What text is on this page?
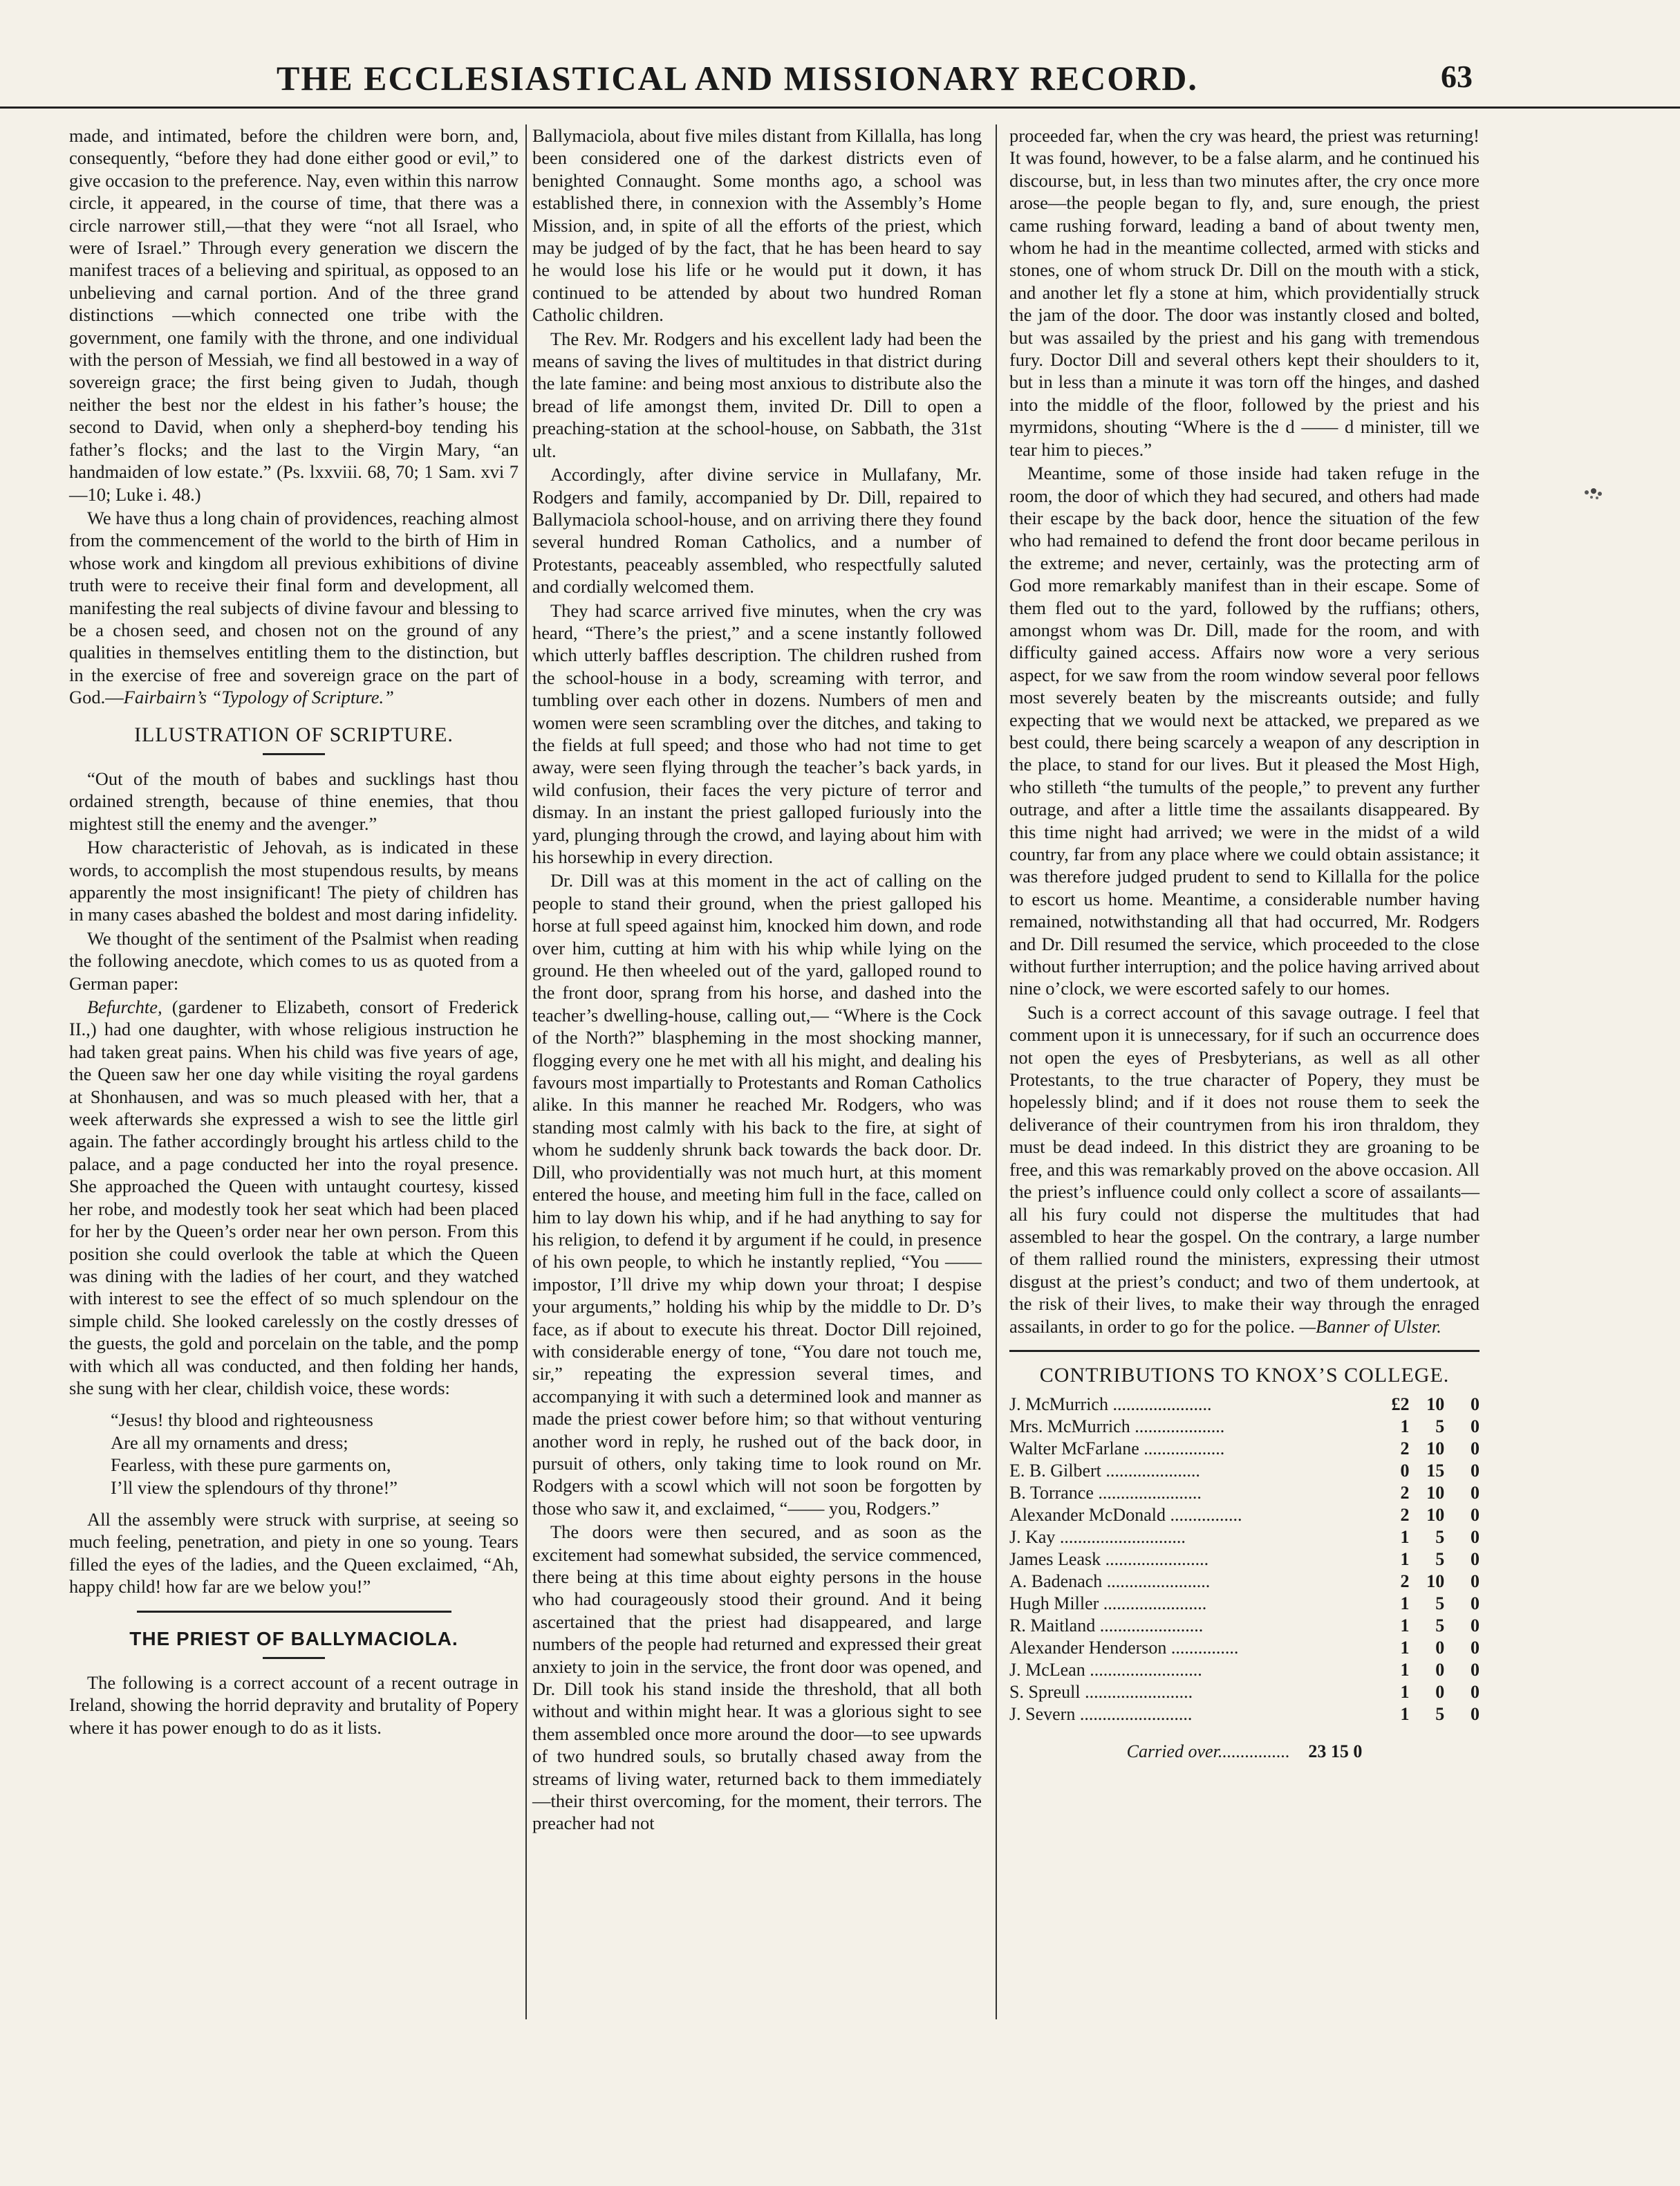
THE ECCLESIASTICAL AND MISSIONARY RECORD.	63

made, and intimated, before the children were born, and, consequently, “before they had done either good or evil,” to give occasion to the preference. Nay, even within this narrow circle, it appeared, in the course of time, that there was a circle narrower still,—that they were “not all Israel, who were of Israel.” Through every generation we discern the manifest traces of a believing and spiritual, as opposed to an unbelieving and carnal portion. And of the three grand distinctions —which connected one tribe with the government, one family with the throne, and one individual with the person of Messiah, we find all bestowed in a way of sovereign grace; the first being given to Judah, though neither the best nor the eldest in his father’s house; the second to David, when only a shepherd-boy tending his father’s flocks; and the last to the Virgin Mary, “an handmaiden of low estate.” (Ps. lxxviii. 68, 70; 1 Sam. xvi 7—10; Luke i. 48.)

We have thus a long chain of providences, reaching almost from the commencement of the world to the birth of Him in whose work and kingdom all previous exhibitions of divine truth were to receive their final form and development, all manifesting the real subjects of divine favour and blessing to be a chosen seed, and chosen not on the ground of any qualities in themselves entitling them to the distinction, but in the exercise of free and sovereign grace on the part of God.—Fairbairn’s “Typology of Scripture.”

ILLUSTRATION OF SCRIPTURE.

“Out of the mouth of babes and sucklings hast thou ordained strength, because of thine enemies, that thou mightest still the enemy and the avenger.”

How characteristic of Jehovah, as is indicated in these words, to accomplish the most stupendous results, by means apparently the most insignificant! The piety of children has in many cases abashed the boldest and most daring infidelity.

We thought of the sentiment of the Psalmist when reading the following anecdote, which comes to us as quoted from a German paper:

Befurchte, (gardener to Elizabeth, consort of Frederick II.,) had one daughter, with whose religious instruction he had taken great pains. When his child was five years of age, the Queen saw her one day while visiting the royal gardens at Shonhausen, and was so much pleased with her, that a week afterwards she expressed a wish to see the little girl again. The father accordingly brought his artless child to the palace, and a page conducted her into the royal presence. She approached the Queen with untaught courtesy, kissed her robe, and modestly took her seat which had been placed for her by the Queen’s order near her own person. From this position she could overlook the table at which the Queen was dining with the ladies of her court, and they watched with interest to see the effect of so much splendour on the simple child. She looked carelessly on the costly dresses of the guests, the gold and porcelain on the table, and the pomp with which all was conducted, and then folding her hands, she sung with her clear, childish voice, these words:

“Jesus! thy blood and righteousness
Are all my ornaments and dress;
Fearless, with these pure garments on,
I’ll view the splendours of thy throne!”

All the assembly were struck with surprise, at seeing so much feeling, penetration, and piety in one so young. Tears filled the eyes of the ladies, and the Queen exclaimed, “Ah, happy child! how far are we below you!”

THE PRIEST OF BALLYMACIOLA.

The following is a correct account of a recent outrage in Ireland, showing the horrid depravity and brutality of Popery where it has power enough to do as it lists.

Ballymaciola, about five miles distant from Killalla, has long been considered one of the darkest districts even of benighted Connaught. Some months ago, a school was established there, in connexion with the Assembly’s Home Mission, and, in spite of all the efforts of the priest, which may be judged of by the fact, that he has been heard to say he would lose his life or he would put it down, it has continued to be attended by about two hundred Roman Catholic children.

The Rev. Mr. Rodgers and his excellent lady had been the means of saving the lives of multitudes in that district during the late famine: and being most anxious to distribute also the bread of life amongst them, invited Dr. Dill to open a preaching-station at the school-house, on Sabbath, the 31st ult.

Accordingly, after divine service in Mullafany, Mr. Rodgers and family, accompanied by Dr. Dill, repaired to Ballymaciola school-house, and on arriving there they found several hundred Roman Catholics, and a number of Protestants, peaceably assembled, who respectfully saluted and cordially welcomed them.

They had scarce arrived five minutes, when the cry was heard, “There’s the priest,” and a scene instantly followed which utterly baffles description. The children rushed from the school-house in a body, screaming with terror, and tumbling over each other in dozens. Numbers of men and women were seen scrambling over the ditches, and taking to the fields at full speed; and those who had not time to get away, were seen flying through the teacher’s back yards, in wild confusion, their faces the very picture of terror and dismay. In an instant the priest galloped furiously into the yard, plunging through the crowd, and laying about him with his horsewhip in every direction.

Dr. Dill was at this moment in the act of calling on the people to stand their ground, when the priest galloped his horse at full speed against him, knocked him down, and rode over him, cutting at him with his whip while lying on the ground. He then wheeled out of the yard, galloped round to the front door, sprang from his horse, and dashed into the teacher’s dwelling-house, calling out,— “Where is the Cock of the North?” blaspheming in the most shocking manner, flogging every one he met with all his might, and dealing his favours most impartially to Protestants and Roman Catholics alike. In this manner he reached Mr. Rodgers, who was standing most calmly with his back to the fire, at sight of whom he suddenly shrunk back towards the back door. Dr. Dill, who providentially was not much hurt, at this moment entered the house, and meeting him full in the face, called on him to lay down his whip, and if he had anything to say for his religion, to defend it by argument if he could, in presence of his own people, to which he instantly replied, “You —— impostor, I’ll drive my whip down your throat; I despise your arguments,” holding his whip by the middle to Dr. D’s face, as if about to execute his threat. Doctor Dill rejoined, with considerable energy of tone, “You dare not touch me, sir,” repeating the expression several times, and accompanying it with such a determined look and manner as made the priest cower before him; so that without venturing another word in reply, he rushed out of the back door, in pursuit of others, only taking time to look round on Mr. Rodgers with a scowl which will not soon be forgotten by those who saw it, and exclaimed, “—— you, Rodgers.”

The doors were then secured, and as soon as the excitement had somewhat subsided, the service commenced, there being at this time about eighty persons in the house who had courageously stood their ground. And it being ascertained that the priest had disappeared, and large numbers of the people had returned and expressed their great anxiety to join in the service, the front door was opened, and Dr. Dill took his stand inside the threshold, that all both without and within might hear. It was a glorious sight to see them assembled once more around the door—to see upwards of two hundred souls, so brutally chased away from the streams of living water, returned back to them immediately—their thirst overcoming, for the moment, their terrors. The preacher had not

proceeded far, when the cry was heard, the priest was returning! It was found, however, to be a false alarm, and he continued his discourse, but, in less than two minutes after, the cry once more arose—the people began to fly, and, sure enough, the priest came rushing forward, leading a band of about twenty men, whom he had in the meantime collected, armed with sticks and stones, one of whom struck Dr. Dill on the mouth with a stick, and another let fly a stone at him, which providentially struck the jam of the door. The door was instantly closed and bolted, but was assailed by the priest and his gang with tremendous fury. Doctor Dill and several others kept their shoulders to it, but in less than a minute it was torn off the hinges, and dashed into the middle of the floor, followed by the priest and his myrmidons, shouting “Where is the d —— d minister, till we tear him to pieces.”

Meantime, some of those inside had taken refuge in the room, the door of which they had secured, and others had made their escape by the back door, hence the situation of the few who had remained to defend the front door became perilous in the extreme; and never, certainly, was the protecting arm of God more remarkably manifest than in their escape. Some of them fled out to the yard, followed by the ruffians; others, amongst whom was Dr. Dill, made for the room, and with difficulty gained access. Affairs now wore a very serious aspect, for we saw from the room window several poor fellows most severely beaten by the miscreants outside; and fully expecting that we would next be attacked, we prepared as we best could, there being scarcely a weapon of any description in the place, to stand for our lives. But it pleased the Most High, who stilleth “the tumults of the people,” to prevent any further outrage, and after a little time the assailants disappeared. By this time night had arrived; we were in the midst of a wild country, far from any place where we could obtain assistance; it was therefore judged prudent to send to Killalla for the police to escort us home. Meantime, a considerable number having remained, notwithstanding all that had occurred, Mr. Rodgers and Dr. Dill resumed the service, which proceeded to the close without further interruption; and the police having arrived about nine o’clock, we were escorted safely to our homes.

Such is a correct account of this savage outrage. I feel that comment upon it is unnecessary, for if such an occurrence does not open the eyes of Presbyterians, as well as all other Protestants, to the true character of Popery, they must be hopelessly blind; and if it does not rouse them to seek the deliverance of their countrymen from his iron thraldom, they must be dead indeed. In this district they are groaning to be free, and this was remarkably proved on the above occasion. All the priest’s influence could only collect a score of assailants—all his fury could not disperse the multitudes that had assembled to hear the gospel. On the contrary, a large number of them rallied round the ministers, expressing their utmost disgust at the priest’s conduct; and two of them undertook, at the risk of their lives, to make their way through the enraged assailants, in order to go for the police. —Banner of Ulster.

CONTRIBUTIONS TO KNOX’S COLLEGE.
J. McMurrich ......................	£2	10	0
Mrs. McMurrich ....................	1	5	0
Walter McFarlane ..................	2	10	0
E. B. Gilbert .....................	0	15	0
B. Torrance .......................	2	10	0
Alexander McDonald ................	2	10	0
J. Kay ............................	1	5	0
James Leask .......................	1	5	0
A. Badenach .......................	2	10	0
Hugh Miller .......................	1	5	0
R. Maitland .......................	1	5	0
Alexander Henderson ...............	1	0	0
J. McLean .........................	1	0	0
S. Spreull ........................	1	0	0
J. Severn .........................	1	5	0
Carried over................ 23 15 0
